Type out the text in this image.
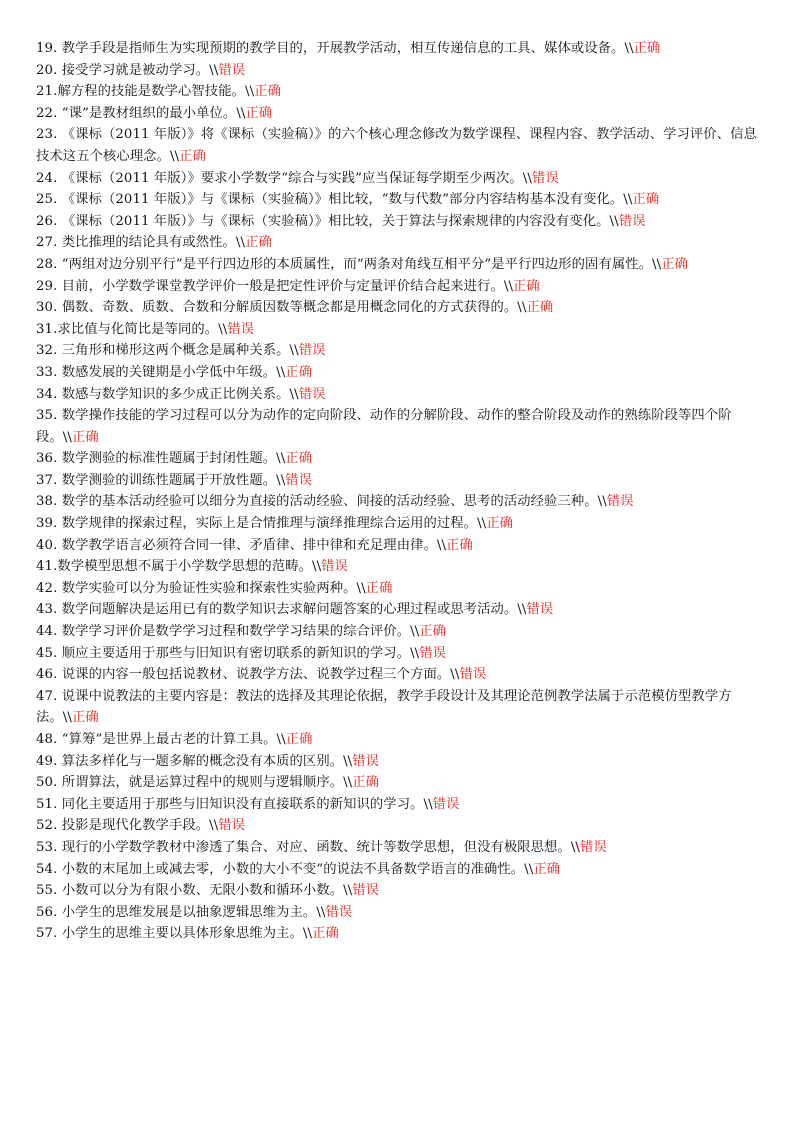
19. 教学手段是指师生为实现预期的教学目的，开展教学活动，相互传递信息的工具、媒体或设备。\\正确

20. 接受学习就是被动学习。\\错误

21.解方程的技能是数学心智技能。\\正确

22. “课”是教材组织的最小单位。\\正确

23. 《课标（2011 年版）》将《课标（实验稿）》的六个核心理念修改为数学课程、课程内容、教学活动、学习评价、信息技术这五个核心理念。\\正确

24. 《课标（2011 年版）》要求小学数学“综合与实践”应当保证每学期至少两次。\\错误

25. 《课标（2011 年版）》与《课标（实验稿）》相比较，“数与代数”部分内容结构基本没有变化。\\正确

26. 《课标（2011 年版）》与《课标（实验稿）》相比较，关于算法与探索规律的内容没有变化。\\错误

27. 类比推理的结论具有或然性。\\正确

28. “两组对边分别平行”是平行四边形的本质属性，而“两条对角线互相平分”是平行四边形的固有属性。\\正确

29. 目前，小学数学课堂教学评价一般是把定性评价与定量评价结合起来进行。\\正确

30. 偶数、奇数、质数、合数和分解质因数等概念都是用概念同化的方式获得的。\\正确

31.求比值与化简比是等同的。\\错误

32. 三角形和梯形这两个概念是属种关系。\\错误

33. 数感发展的关键期是小学低中年级。\\正确

34. 数感与数学知识的多少成正比例关系。\\错误

35. 数学操作技能的学习过程可以分为动作的定向阶段、动作的分解阶段、动作的整合阶段及动作的熟练阶段等四个阶段。\\正确

36. 数学测验的标准性题属于封闭性题。\\正确

37. 数学测验的训练性题属于开放性题。\\错误

38. 数学的基本活动经验可以细分为直接的活动经验、间接的活动经验、思考的活动经验三种。\\错误

39. 数学规律的探索过程，实际上是合情推理与演绎推理综合运用的过程。\\正确

40. 数学教学语言必须符合同一律、矛盾律、排中律和充足理由律。\\正确

41.数学模型思想不属于小学数学思想的范畴。\\错误

42. 数学实验可以分为验证性实验和探索性实验两种。\\正确

43. 数学问题解决是运用已有的数学知识去求解问题答案的心理过程或思考活动。\\错误

44. 数学学习评价是数学学习过程和数学学习结果的综合评价。\\正确

45. 顺应主要适用于那些与旧知识有密切联系的新知识的学习。\\错误

46. 说课的内容一般包括说教材、说教学方法、说教学过程三个方面。\\错误

47. 说课中说教法的主要内容是：教法的选择及其理论依据，教学手段设计及其理论范例教学法属于示范模仿型教学方法。\\正确

48. “算筹”是世界上最古老的计算工具。\\正确

49. 算法多样化与一题多解的概念没有本质的区别。\\错误

50. 所谓算法，就是运算过程中的规则与逻辑顺序。\\正确

51. 同化主要适用于那些与旧知识没有直接联系的新知识的学习。\\错误

52. 投影是现代化教学手段。\\错误

53. 现行的小学数学教材中渗透了集合、对应、函数、统计等数学思想，但没有极限思想。\\错误

54. 小数的末尾加上或减去零，小数的大小不变”的说法不具备数学语言的准确性。\\正确

55. 小数可以分为有限小数、无限小数和循环小数。\\错误

56. 小学生的思维发展是以抽象逻辑思维为主。\\错误

57. 小学生的思维主要以具体形象思维为主。\\正确
